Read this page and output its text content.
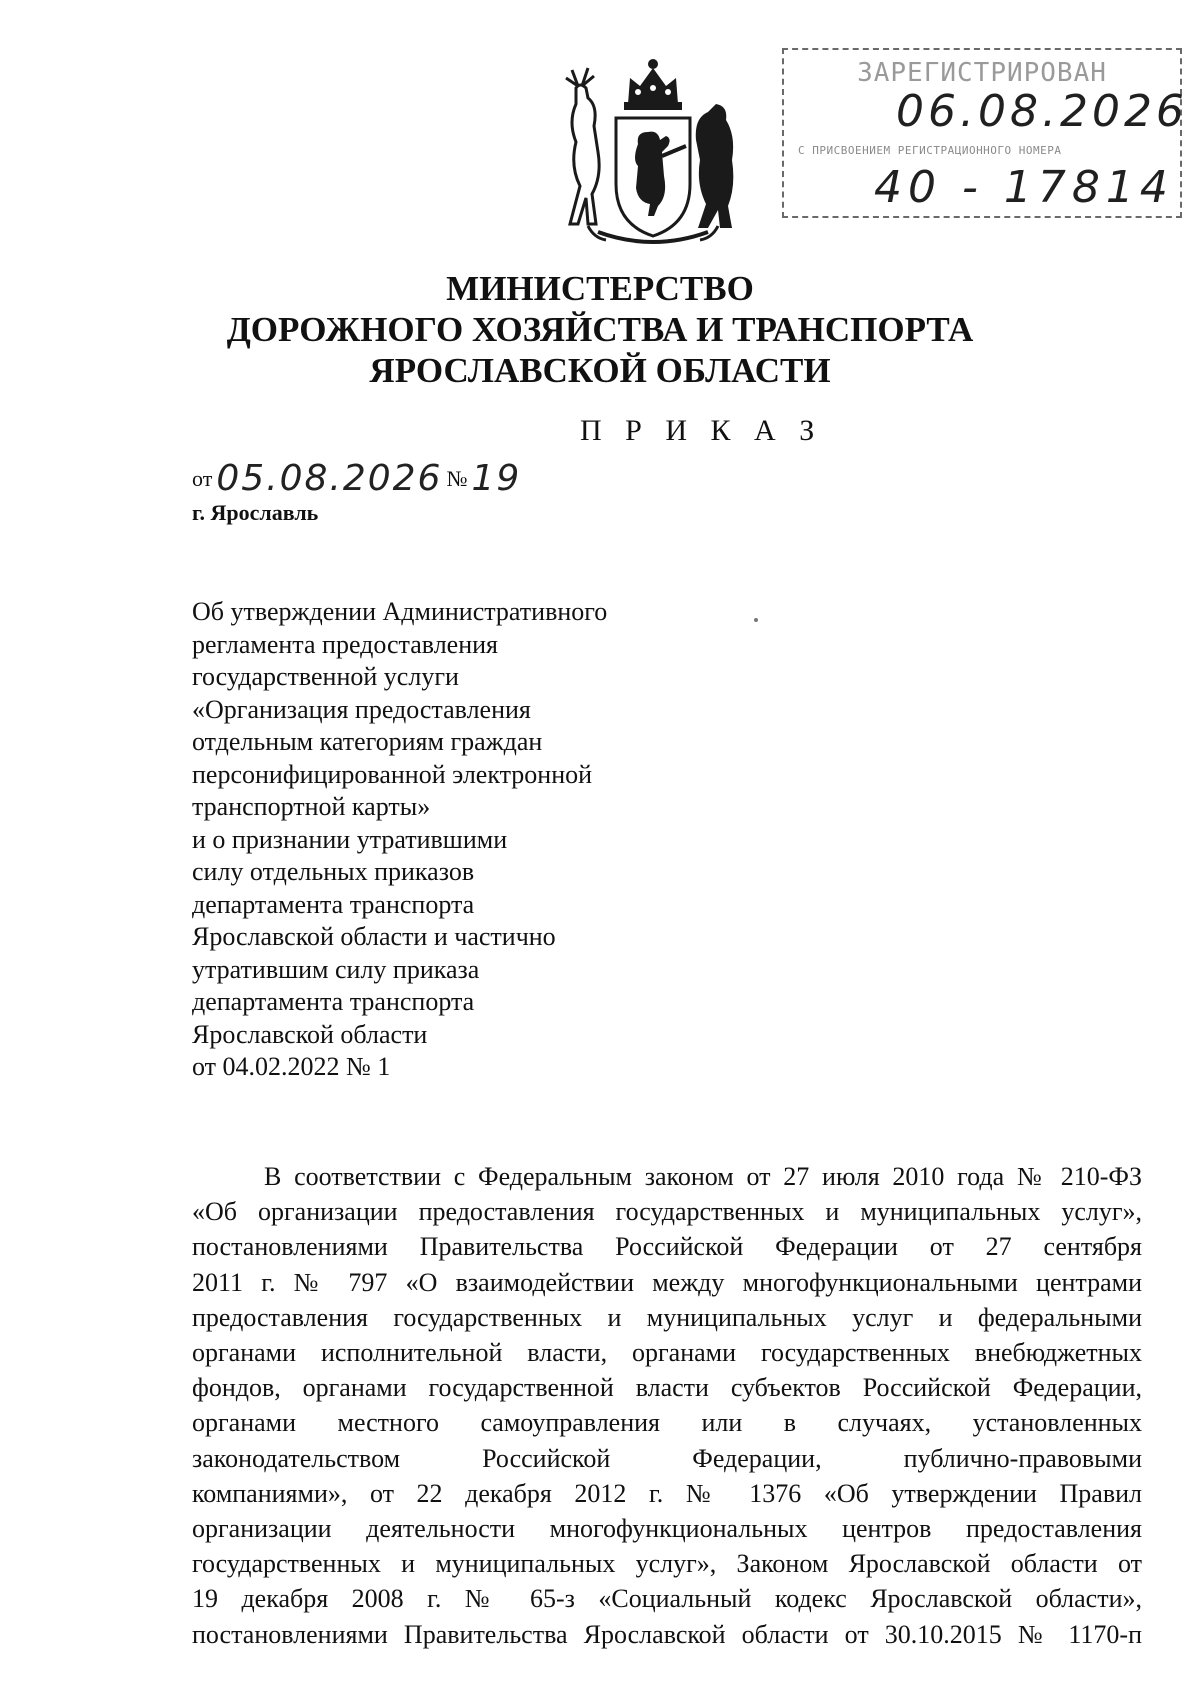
ЗАРЕГИСТРИРОВАН
06.08.2026
С ПРИСВОЕНИЕМ РЕГИСТРАЦИОННОГО НОМЕРА
40 - 17814
МИНИСТЕРСТВО
ДОРОЖНОГО ХОЗЯЙСТВА И ТРАНСПОРТА
ЯРОСЛАВСКОЙ ОБЛАСТИ
П Р И К А З
от 05.08.2026 № 19
г. Ярославль
Об утверждении Административного
регламента предоставления
государственной услуги
«Организация предоставления
отдельным категориям граждан
персонифицированной электронной
транспортной карты»
и о признании утратившими
силу отдельных приказов
департамента транспорта
Ярославской области и частично
утратившим силу приказа
департамента транспорта
Ярославской области
от 04.02.2022 № 1
В соответствии с Федеральным законом от 27 июля 2010 года № 210-ФЗ
«Об организации предоставления государственных и муниципальных услуг»,
постановлениями Правительства Российской Федерации от 27 сентября
2011 г. № 797 «О взаимодействии между многофункциональными центрами
предоставления государственных и муниципальных услуг и федеральными
органами исполнительной власти, органами государственных внебюджетных
фондов, органами государственной власти субъектов Российской Федерации,
органами местного самоуправления или в случаях, установленных
законодательством Российской Федерации, публично-правовыми
компаниями», от 22 декабря 2012 г. № 1376 «Об утверждении Правил
организации деятельности многофункциональных центров предоставления
государственных и муниципальных услуг», Законом Ярославской области от
19 декабря 2008 г. № 65-з «Социальный кодекс Ярославской области»,
постановлениями Правительства Ярославской области от 30.10.2015 № 1170-п
